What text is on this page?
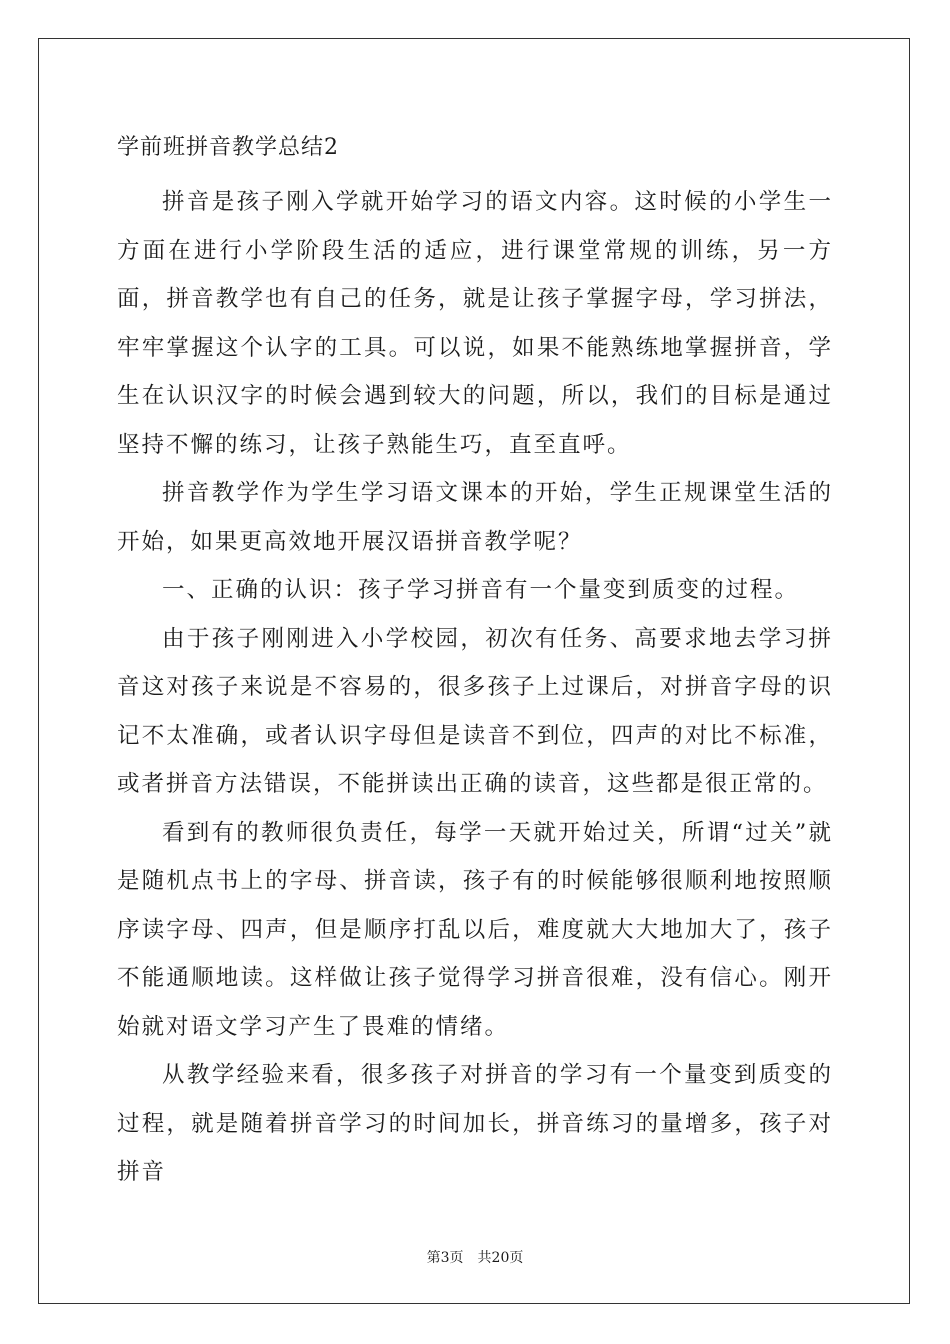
学前班拼音教学总结2

拼音是孩子刚入学就开始学习的语文内容。这时候的小学生一方面在进行小学阶段生活的适应，进行课堂常规的训练，另一方面，拼音教学也有自己的任务，就是让孩子掌握字母，学习拼法，牢牢掌握这个认字的工具。可以说，如果不能熟练地掌握拼音，学生在认识汉字的时候会遇到较大的问题，所以，我们的目标是通过坚持不懈的练习，让孩子熟能生巧，直至直呼。

拼音教学作为学生学习语文课本的开始，学生正规课堂生活的开始，如果更高效地开展汉语拼音教学呢？

一、正确的认识：孩子学习拼音有一个量变到质变的过程。

由于孩子刚刚进入小学校园，初次有任务、高要求地去学习拼音这对孩子来说是不容易的，很多孩子上过课后，对拼音字母的识记不太准确，或者认识字母但是读音不到位，四声的对比不标准，或者拼音方法错误，不能拼读出正确的读音，这些都是很正常的。

看到有的教师很负责任，每学一天就开始过关，所谓“过关”就是随机点书上的字母、拼音读，孩子有的时候能够很顺利地按照顺序读字母、四声，但是顺序打乱以后，难度就大大地加大了，孩子不能通顺地读。这样做让孩子觉得学习拼音很难，没有信心。刚开始就对语文学习产生了畏难的情绪。

从教学经验来看，很多孩子对拼音的学习有一个量变到质变的过程，就是随着拼音学习的时间加长，拼音练习的量增多，孩子对拼音

第3页 共20页
